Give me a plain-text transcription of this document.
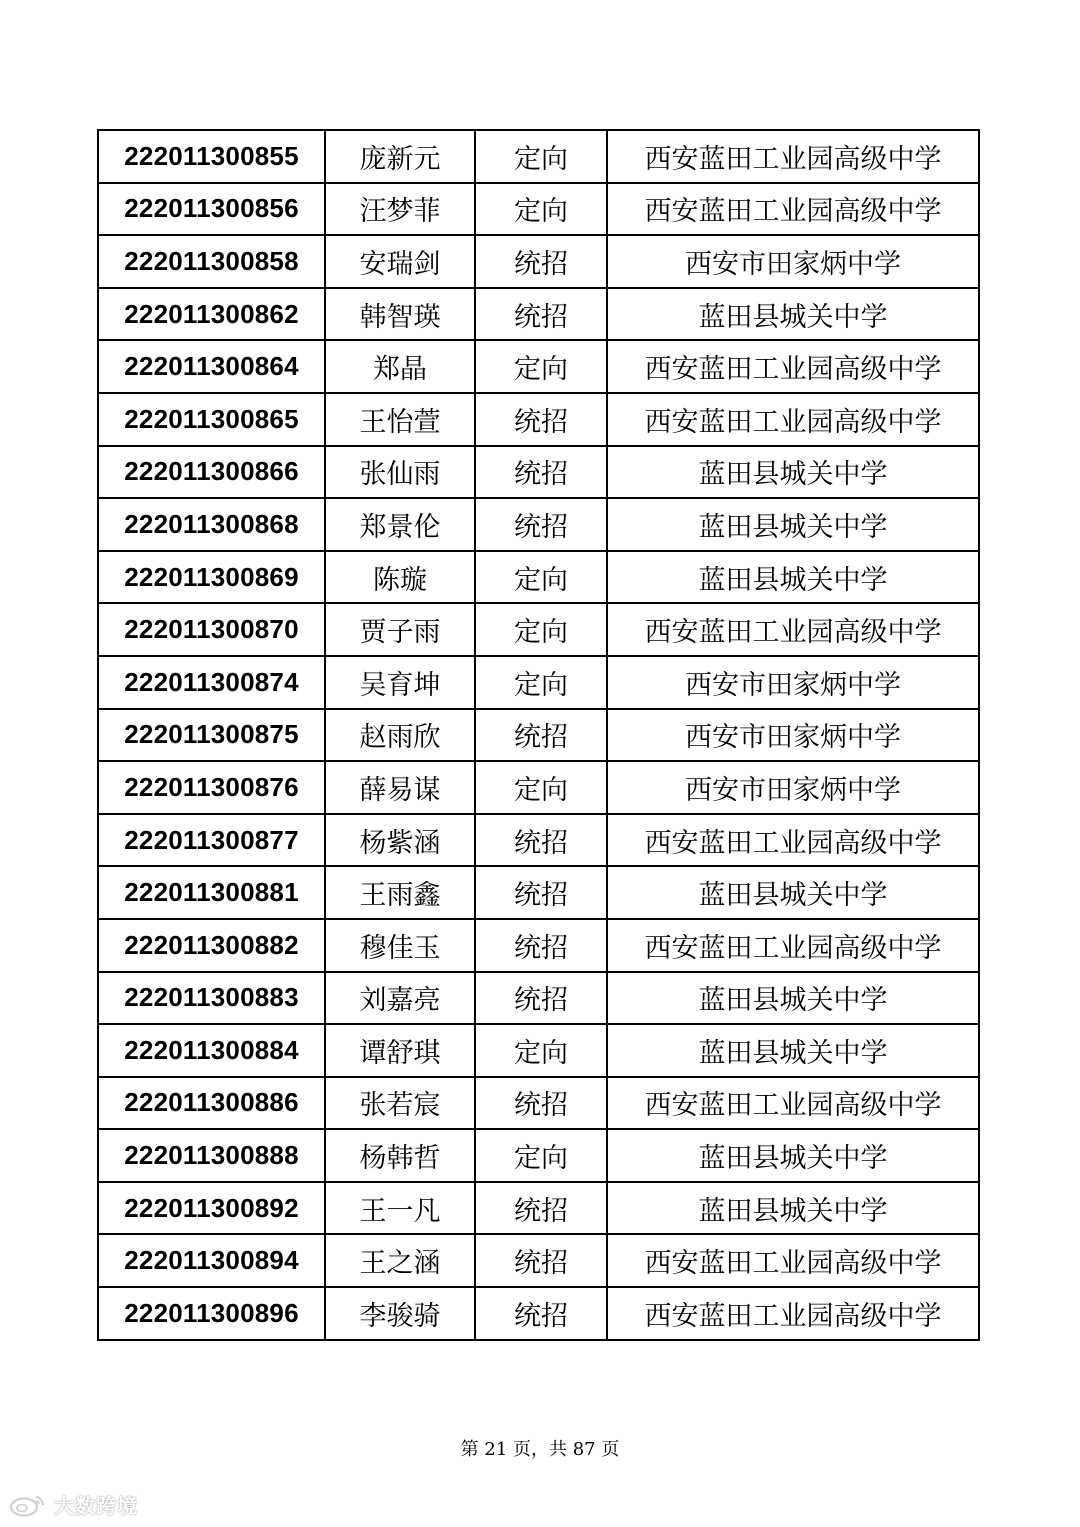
222011300855	庞新元	定向	西安蓝田工业园高级中学
222011300856	汪梦菲	定向	西安蓝田工业园高级中学
222011300858	安瑞剑	统招	西安市田家炳中学
222011300862	韩智瑛	统招	蓝田县城关中学
222011300864	郑晶	定向	西安蓝田工业园高级中学
222011300865	王怡萱	统招	西安蓝田工业园高级中学
222011300866	张仙雨	统招	蓝田县城关中学
222011300868	郑景伦	统招	蓝田县城关中学
222011300869	陈璇	定向	蓝田县城关中学
222011300870	贾子雨	定向	西安蓝田工业园高级中学
222011300874	吴育坤	定向	西安市田家炳中学
222011300875	赵雨欣	统招	西安市田家炳中学
222011300876	薛易谋	定向	西安市田家炳中学
222011300877	杨紫涵	统招	西安蓝田工业园高级中学
222011300881	王雨鑫	统招	蓝田县城关中学
222011300882	穆佳玉	统招	西安蓝田工业园高级中学
222011300883	刘嘉亮	统招	蓝田县城关中学
222011300884	谭舒琪	定向	蓝田县城关中学
222011300886	张若宸	统招	西安蓝田工业园高级中学
222011300888	杨韩哲	定向	蓝田县城关中学
222011300892	王一凡	统招	蓝田县城关中学
222011300894	王之涵	统招	西安蓝田工业园高级中学
222011300896	李骏骑	统招	西安蓝田工业园高级中学
第 21 页，共 87 页
大数跨境
